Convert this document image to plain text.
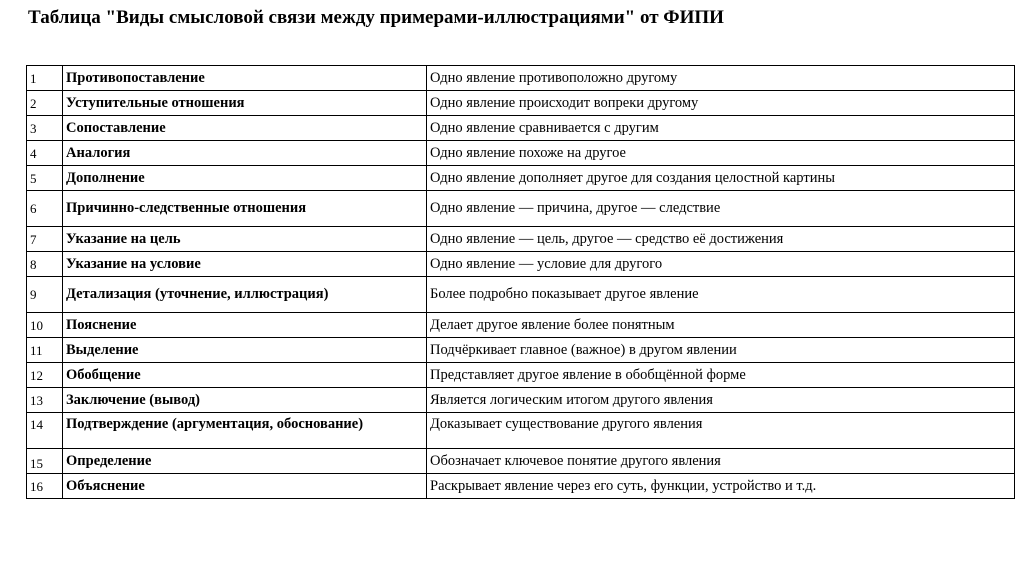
Таблица "Виды смысловой связи между примерами-иллюстрациями" от ФИПИ
1	Противопоставление	Одно явление противоположно другому
2	Уступительные отношения	Одно явление происходит вопреки другому
3	Сопоставление	Одно явление сравнивается с другим
4	Аналогия	Одно явление похоже на другое
5	Дополнение	Одно явление дополняет другое для создания целостной картины
6	Причинно-следственные отношения	Одно явление — причина, другое — следствие
7	Указание на цель	Одно явление — цель, другое — средство её достижения
8	Указание на условие	Одно явление — условие для другого
9	Детализация (уточнение, иллюстрация)	Более подробно показывает другое явление
10	Пояснение	Делает другое явление более понятным
11	Выделение	Подчёркивает главное (важное) в другом явлении
12	Обобщение	Представляет другое явление в обобщённой форме
13	Заключение (вывод)	Является логическим итогом другого явления
14	Подтверждение (аргументация, обоснование)	Доказывает существование другого явления
15	Определение	Обозначает ключевое понятие другого явления
16	Объяснение	Раскрывает явление через его суть, функции, устройство и т.д.
